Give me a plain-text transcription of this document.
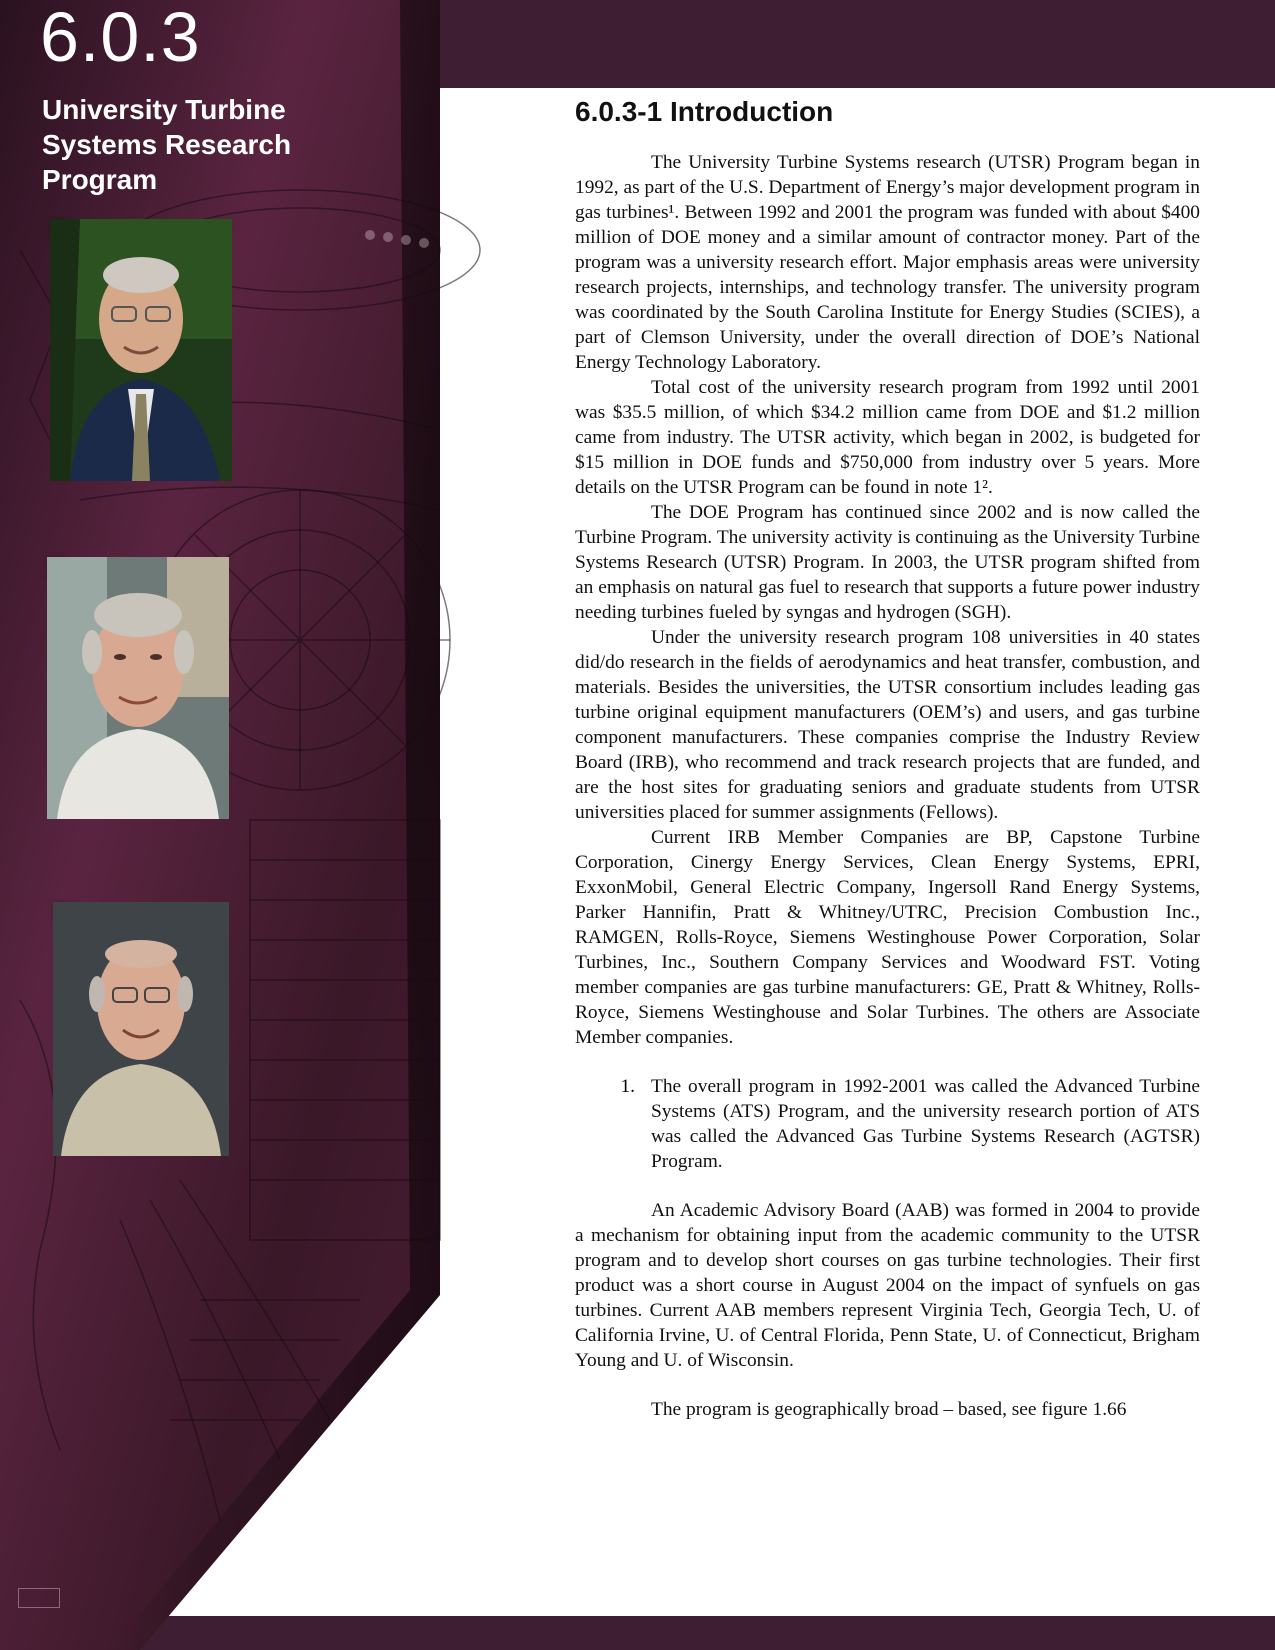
6.0.3
University Turbine Systems Research Program
6.0.3-1 Introduction

The University Turbine Systems research (UTSR) Program began in 1992, as part of the U.S. Department of Energy’s major development program in gas turbines¹. Between 1992 and 2001 the program was funded with about $400 million of DOE money and a similar amount of contractor money. Part of the program was a university research effort. Major emphasis areas were university research projects, internships, and technology transfer. The university program was coordinated by the South Carolina Institute for Energy Studies (SCIES), a part of Clemson University, under the overall direction of DOE’s National Energy Technology Laboratory.

Total cost of the university research program from 1992 until 2001 was $35.5 million, of which $34.2 million came from DOE and $1.2 million came from industry. The UTSR activity, which began in 2002, is budgeted for $15 million in DOE funds and $750,000 from industry over 5 years. More details on the UTSR Program can be found in note 1².

The DOE Program has continued since 2002 and is now called the Turbine Program. The university activity is continuing as the University Turbine Systems Research (UTSR) Program. In 2003, the UTSR program shifted from an emphasis on natural gas fuel to research that supports a future power industry needing turbines fueled by syngas and hydrogen (SGH).

Under the university research program 108 universities in 40 states did/do research in the fields of aerodynamics and heat transfer, combustion, and materials. Besides the universities, the UTSR consortium includes leading gas turbine original equipment manufacturers (OEM’s) and users, and gas turbine component manufacturers. These companies comprise the Industry Review Board (IRB), who recommend and track research projects that are funded, and are the host sites for graduating seniors and graduate students from UTSR universities placed for summer assignments (Fellows).

Current IRB Member Companies are BP, Capstone Turbine Corporation, Cinergy Energy Services, Clean Energy Systems, EPRI, ExxonMobil, General Electric Company, Ingersoll Rand Energy Systems, Parker Hannifin, Pratt & Whitney/UTRC, Precision Combustion Inc., RAMGEN, Rolls-Royce, Siemens Westinghouse Power Corporation, Solar Turbines, Inc., Southern Company Services and Woodward FST. Voting member companies are gas turbine manufacturers: GE, Pratt & Whitney, Rolls-Royce, Siemens Westinghouse and Solar Turbines. The others are Associate Member companies.

1. The overall program in 1992-2001 was called the Advanced Turbine Systems (ATS) Program, and the university research portion of ATS was called the Advanced Gas Turbine Systems Research (AGTSR) Program.

An Academic Advisory Board (AAB) was formed in 2004 to provide a mechanism for obtaining input from the academic community to the UTSR program and to develop short courses on gas turbine technologies. Their first product was a short course in August 2004 on the impact of synfuels on gas turbines. Current AAB members represent Virginia Tech, Georgia Tech, U. of California Irvine, U. of Central Florida, Penn State, U. of Connecticut, Brigham Young and U. of Wisconsin.

The program is geographically broad – based, see figure 1.66
